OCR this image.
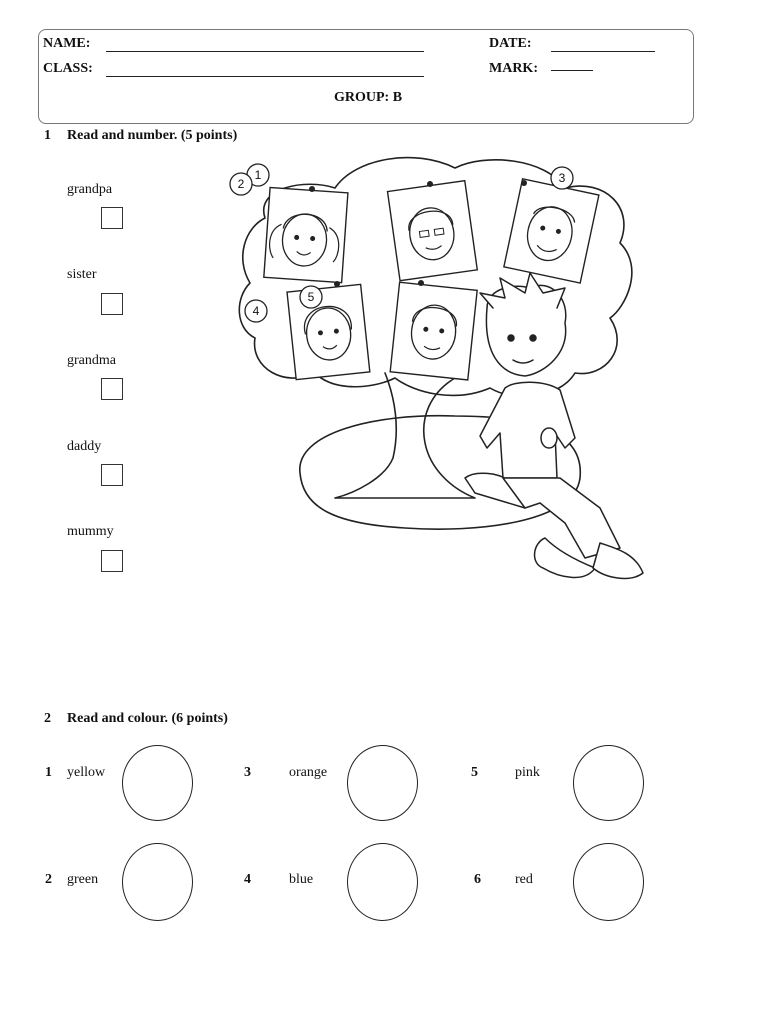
NAME:
CLASS:
DATE:
MARK:
GROUP: B
1 Read and number. (5 points)
grandpa
sister
grandma
daddy
mummy
1
2	3
4
5
2 Read and colour. (6 points)
1 yellow	3	orange	5	pink
2 green	4	blue	6 red
